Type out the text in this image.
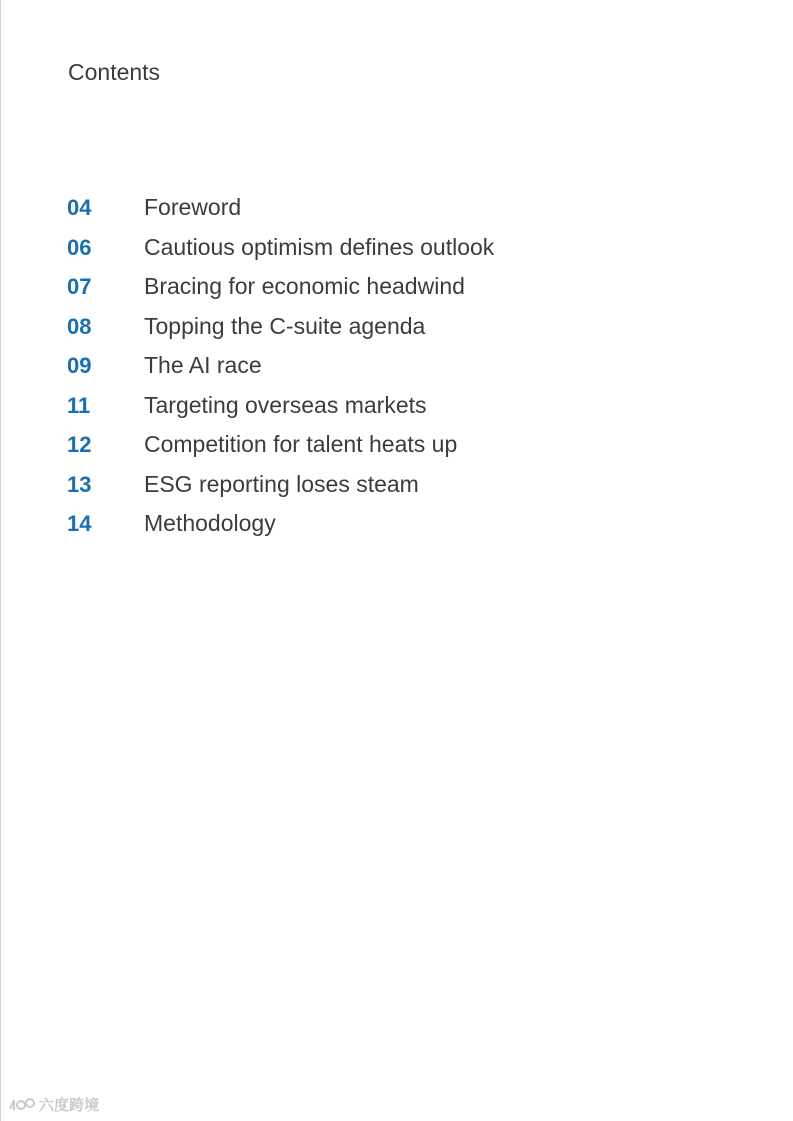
Contents
04	Foreword
06	Cautious optimism defines outlook
07	Bracing for economic headwind
08	Topping the C-suite agenda
09	The AI race
11	Targeting overseas markets
12	Competition for talent heats up
13	ESG reporting loses steam
14	Methodology
六度跨境
